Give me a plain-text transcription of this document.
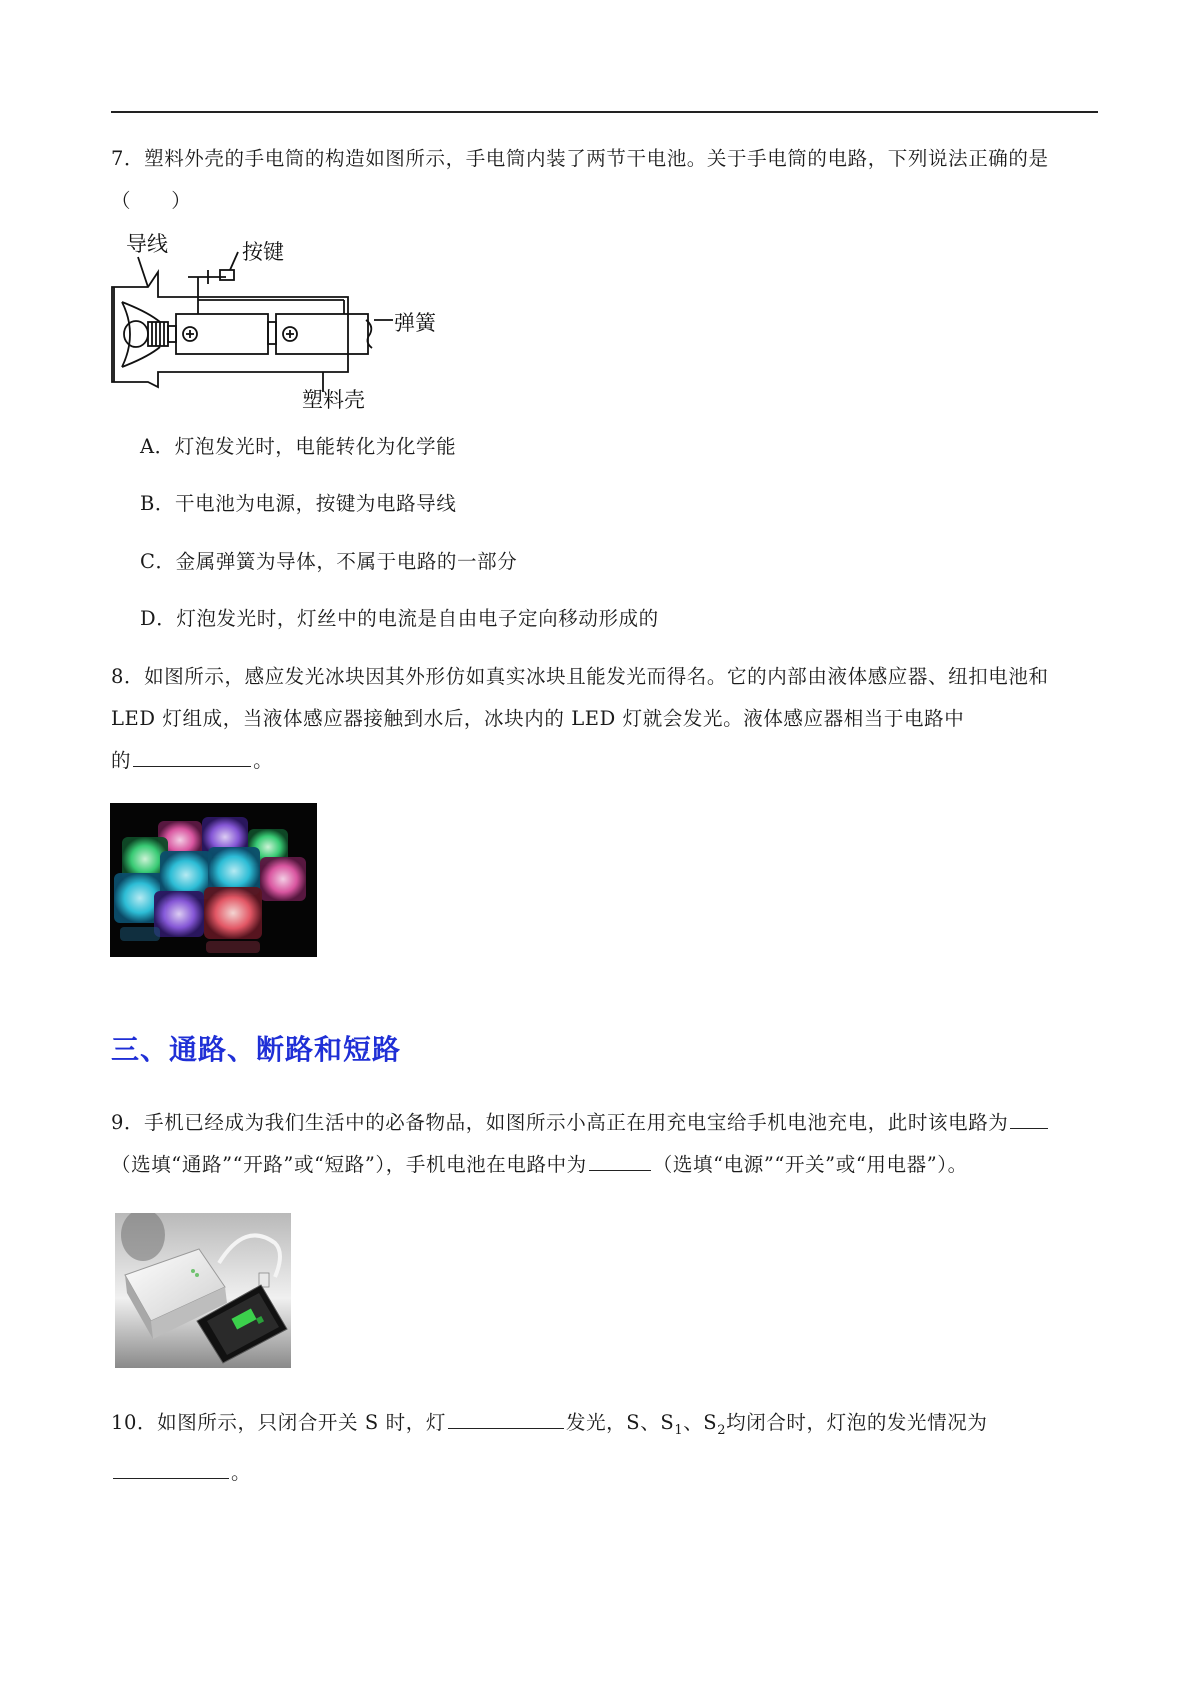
7．塑料外壳的手电筒的构造如图所示，手电筒内装了两节干电池。关于手电筒的电路，下列说法正确的是

（　　）

导线	按键
弹簧
塑料壳
A．灯泡发光时，电能转化为化学能
B．干电池为电源，按键为电路导线
C．金属弹簧为导体，不属于电路的一部分
D．灯泡发光时，灯丝中的电流是自由电子定向移动形成的

8．如图所示，感应发光冰块因其外形仿如真实冰块且能发光而得名。它的内部由液体感应器、纽扣电池和

LED 灯组成，当液体感应器接触到水后，冰块内的 LED 灯就会发光。液体感应器相当于电路中

的	。

三、通路、断路和短路

9．手机已经成为我们生活中的必备物品，如图所示小高正在用充电宝给手机电池充电，此时该电路为

（选填“通路”“开路”或“短路”），手机电池在电路中为	（选填“电源”“开关”或“用电器”）。

10．如图所示，只闭合开关 S 时，灯	发光，S、$S_1$、$S_2$均闭合时，灯泡的发光情况为。
